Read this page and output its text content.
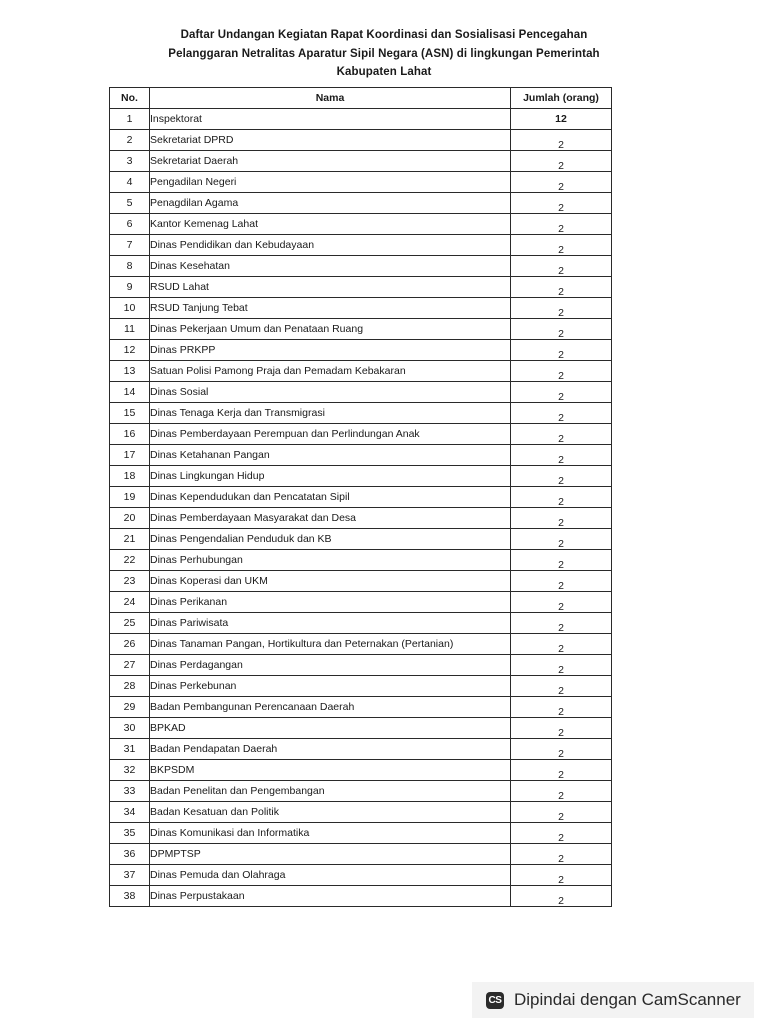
Daftar Undangan Kegiatan Rapat Koordinasi dan Sosialisasi Pencegahan
Pelanggaran Netralitas Aparatur Sipil Negara (ASN) di lingkungan Pemerintah
Kabupaten Lahat
No.	Nama	Jumlah (orang)
1	Inspektorat	12
2	Sekretariat DPRD	2
3	Sekretariat Daerah	2
4	Pengadilan Negeri	2
5	Penagdilan Agama	2
6	Kantor Kemenag Lahat	2
7	Dinas Pendidikan dan Kebudayaan	2
8	Dinas Kesehatan	2
9	RSUD Lahat	2
10	RSUD Tanjung Tebat	2
11	Dinas Pekerjaan Umum dan Penataan Ruang	2
12	Dinas PRKPP	2
13	Satuan Polisi Pamong Praja dan Pemadam Kebakaran	2
14	Dinas Sosial	2
15	Dinas Tenaga Kerja dan Transmigrasi	2
16	Dinas Pemberdayaan Perempuan dan Perlindungan Anak	2
17	Dinas Ketahanan Pangan	2
18	Dinas Lingkungan Hidup	2
19	Dinas Kependudukan dan Pencatatan Sipil	2
20	Dinas Pemberdayaan Masyarakat dan Desa	2
21	Dinas Pengendalian Penduduk dan KB	2
22	Dinas Perhubungan	2
23	Dinas Koperasi dan UKM	2
24	Dinas Perikanan	2
25	Dinas Pariwisata	2
26	Dinas Tanaman Pangan, Hortikultura dan Peternakan (Pertanian)	2
27	Dinas Perdagangan	2
28	Dinas Perkebunan	2
29	Badan Pembangunan Perencanaan Daerah	2
30	BPKAD	2
31	Badan Pendapatan Daerah	2
32	BKPSDM	2
33	Badan Penelitan dan Pengembangan	2
34	Badan Kesatuan dan Politik	2
35	Dinas Komunikasi dan Informatika	2
36	DPMPTSP	2
37	Dinas Pemuda dan Olahraga	2
38	Dinas Perpustakaan	2
CS Dipindai dengan CamScanner
